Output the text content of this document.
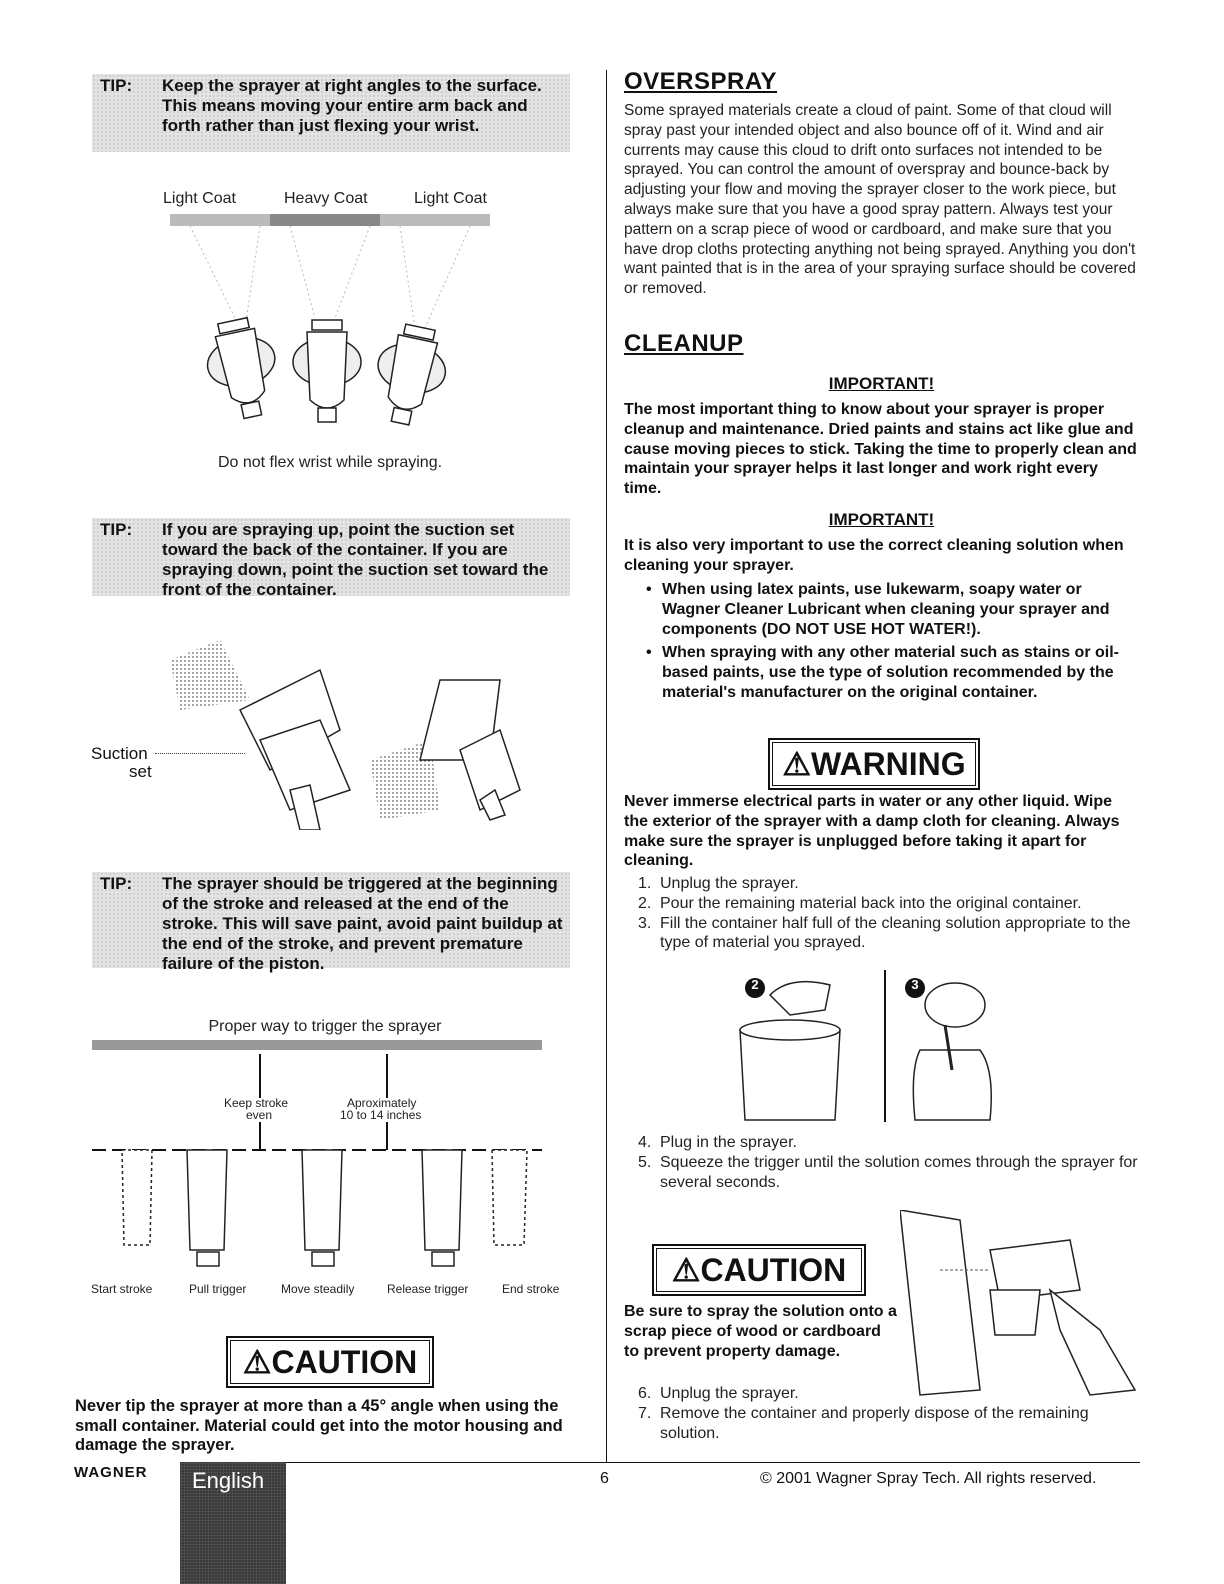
TIP: Keep the sprayer at right angles to the surface. This means moving your entire arm back and forth rather than just flexing your wrist.
Light Coat	Heavy Coat	Light Coat
Do not flex wrist while spraying.
TIP: If you are spraying up, point the suction set toward the back of the container. If you are spraying down, point the suction set toward the front of the container.
Suction
set
TIP: The sprayer should be triggered at the beginning of the stroke and released at the end of the stroke. This will save paint, avoid paint buildup at the end of the stroke, and prevent premature failure of the piston.
Proper way to trigger the sprayer
Keep stroke
even
Aproximately
10 to 14 inches
Start stroke	Pull trigger	Move steadily	Release trigger	End stroke
⚠CAUTION
Never tip the sprayer at more than a 45° angle when using the small container. Material could get into the motor housing and damage the sprayer.
OVERSPRAY
Some sprayed materials create a cloud of paint. Some of that cloud will spray past your intended object and also bounce off of it. Wind and air currents may cause this cloud to drift onto surfaces not intended to be sprayed. You can control the amount of overspray and bounce-back by adjusting your flow and moving the sprayer closer to the work piece, but always make sure that you have a good spray pattern. Always test your pattern on a scrap piece of wood or cardboard, and make sure that you have drop cloths protecting anything not being sprayed. Anything you don't want painted that is in the area of your spraying surface should be covered or removed.
CLEANUP
IMPORTANT!
The most important thing to know about your sprayer is proper cleanup and maintenance. Dried paints and stains act like glue and cause moving pieces to stick. Taking the time to properly clean and maintain your sprayer helps it last longer and work right every time.
IMPORTANT!
It is also very important to use the correct cleaning solution when cleaning your sprayer.
• When using latex paints, use lukewarm, soapy water or Wagner Cleaner Lubricant when cleaning your sprayer and components (DO NOT USE HOT WATER!).
• When spraying with any other material such as stains or oil-based paints, use the type of solution recommended by the material's manufacturer on the original container.
⚠WARNING
Never immerse electrical parts in water or any other liquid. Wipe the exterior of the sprayer with a damp cloth for cleaning. Always make sure the sprayer is unplugged before taking it apart for cleaning.
1. Unplug the sprayer.
2. Pour the remaining material back into the original container.
3. Fill the container half full of the cleaning solution appropriate to the type of material you sprayed.
2	3
4. Plug in the sprayer.
5. Squeeze the trigger until the solution comes through the sprayer for several seconds.
⚠CAUTION
Be sure to spray the solution onto a scrap piece of wood or cardboard to prevent property damage.
6. Unplug the sprayer.
7. Remove the container and properly dispose of the remaining solution.
WAGNER	English	6	© 2001 Wagner Spray Tech. All rights reserved.
